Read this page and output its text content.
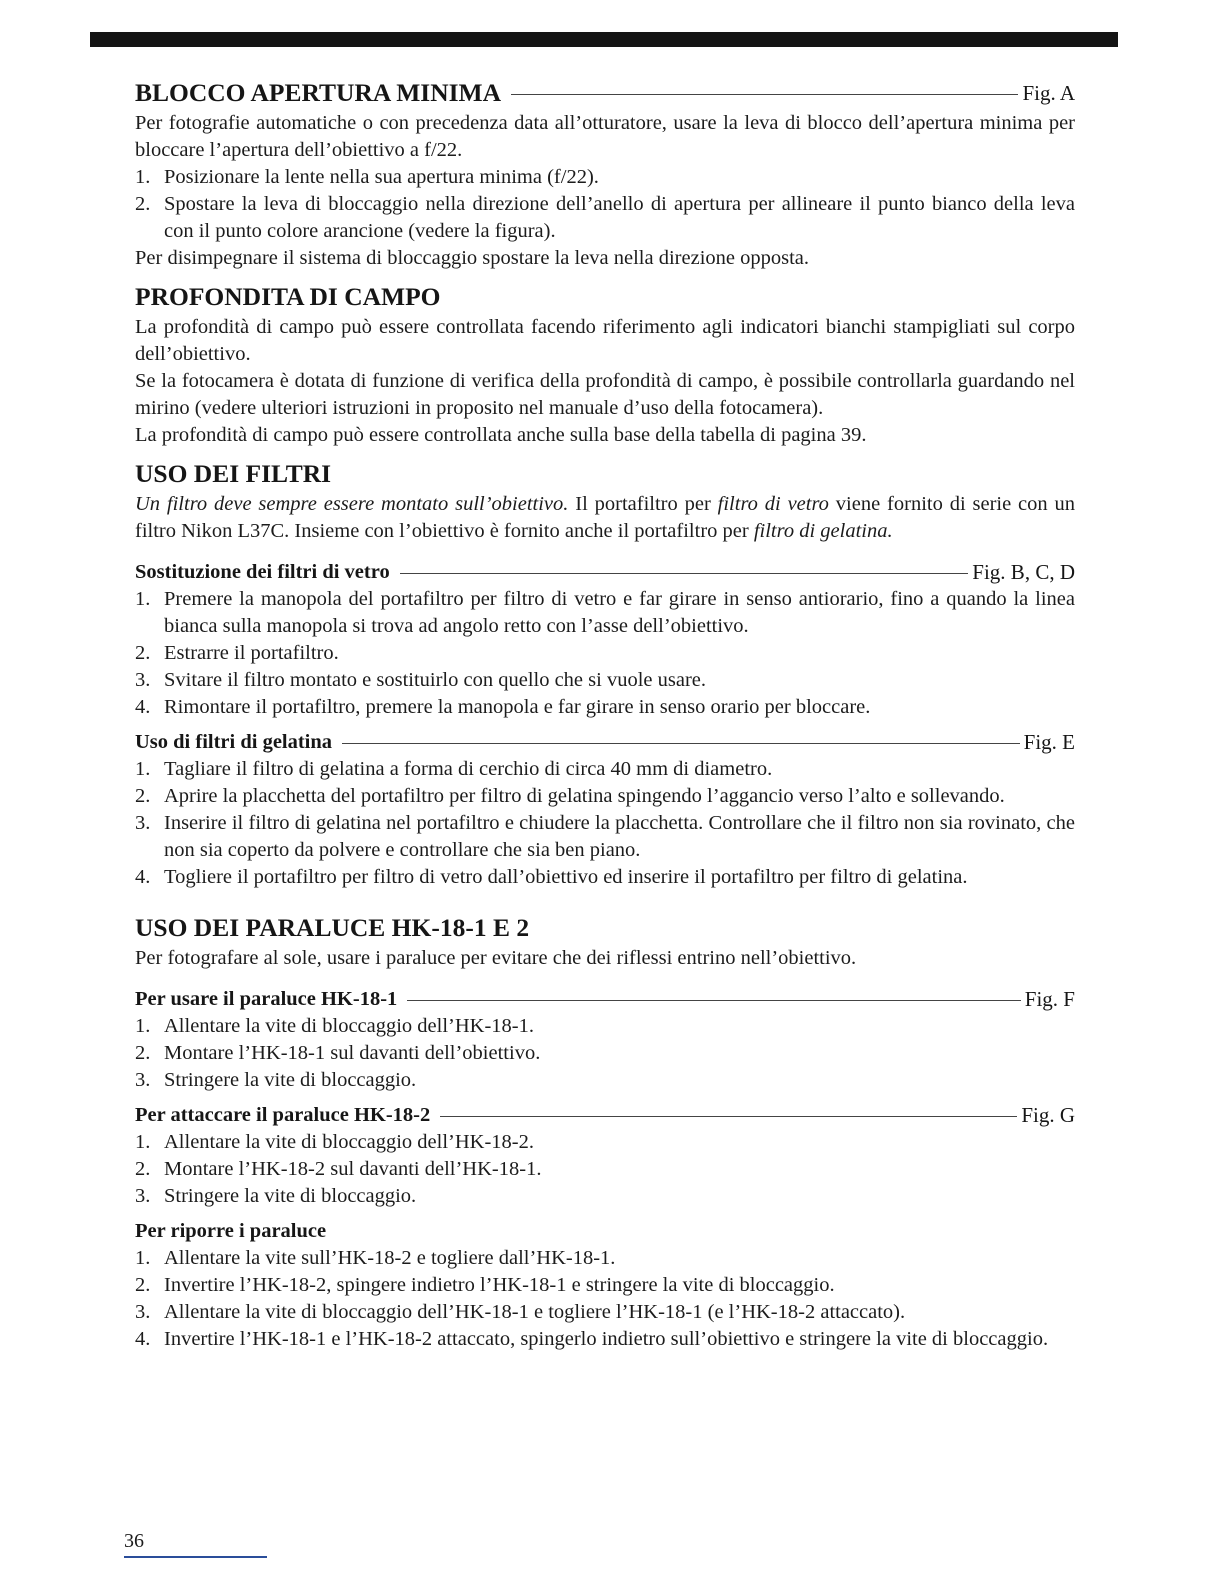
BLOCCO APERTURA MINIMA	Fig. A

Per fotografie automatiche o con precedenza data all’otturatore, usare la leva di blocco dell’apertura minima per bloccare l’apertura dell’obiettivo a f/22.

1. Posizionare la lente nella sua apertura minima (f/22).
2. Spostare la leva di bloccaggio nella direzione dell’anello di apertura per allineare il punto bianco della leva con il punto colore arancione (vedere la figura).

Per disimpegnare il sistema di bloccaggio spostare la leva nella direzione opposta.

PROFONDITA DI CAMPO

La profondità di campo può essere controllata facendo riferimento agli indicatori bianchi stampigliati sul corpo dell’obiettivo.

Se la fotocamera è dotata di funzione di verifica della profondità di campo, è possibile controllarla guardando nel mirino (vedere ulteriori istruzioni in proposito nel manuale d’uso della fotocamera).

La profondità di campo può essere controllata anche sulla base della tabella di pagina 39.

USO DEI FILTRI

Un filtro deve sempre essere montato sull’obiettivo. Il portafiltro per filtro di vetro viene fornito di serie con un filtro Nikon L37C. Insieme con l’obiettivo è fornito anche il portafiltro per filtro di gelatina.

Sostituzione dei filtri di vetro	Fig. B, C, D
1. Premere la manopola del portafiltro per filtro di vetro e far girare in senso antiorario, fino a quando la linea bianca sulla manopola si trova ad angolo retto con l’asse dell’obiettivo.
2. Estrarre il portafiltro.
3. Svitare il filtro montato e sostituirlo con quello che si vuole usare.
4. Rimontare il portafiltro, premere la manopola e far girare in senso orario per bloccare.
Uso di filtri di gelatina	Fig. E
1. Tagliare il filtro di gelatina a forma di cerchio di circa 40 mm di diametro.
2. Aprire la placchetta del portafiltro per filtro di gelatina spingendo l’aggancio verso l’alto e sollevando.
3. Inserire il filtro di gelatina nel portafiltro e chiudere la placchetta. Controllare che il filtro non sia rovinato, che non sia coperto da polvere e controllare che sia ben piano.
4. Togliere il portafiltro per filtro di vetro dall’obiettivo ed inserire il portafiltro per filtro di gelatina.
USO DEI PARALUCE HK-18-1 E 2

Per fotografare al sole, usare i paraluce per evitare che dei riflessi entrino nell’obiettivo.

Per usare il paraluce HK-18-1	Fig. F
1. Allentare la vite di bloccaggio dell’HK-18-1.
2. Montare l’HK-18-1 sul davanti dell’obiettivo.
3. Stringere la vite di bloccaggio.
Per attaccare il paraluce HK-18-2	Fig. G
1. Allentare la vite di bloccaggio dell’HK-18-2.
2. Montare l’HK-18-2 sul davanti dell’HK-18-1.
3. Stringere la vite di bloccaggio.
Per riporre i paraluce
1. Allentare la vite sull’HK-18-2 e togliere dall’HK-18-1.
2. Invertire l’HK-18-2, spingere indietro l’HK-18-1 e stringere la vite di bloccaggio.
3. Allentare la vite di bloccaggio dell’HK-18-1 e togliere l’HK-18-1 (e l’HK-18-2 attaccato).
4. Invertire l’HK-18-1 e l’HK-18-2 attaccato, spingerlo indietro sull’obiettivo e stringere la vite di bloccaggio.
36
